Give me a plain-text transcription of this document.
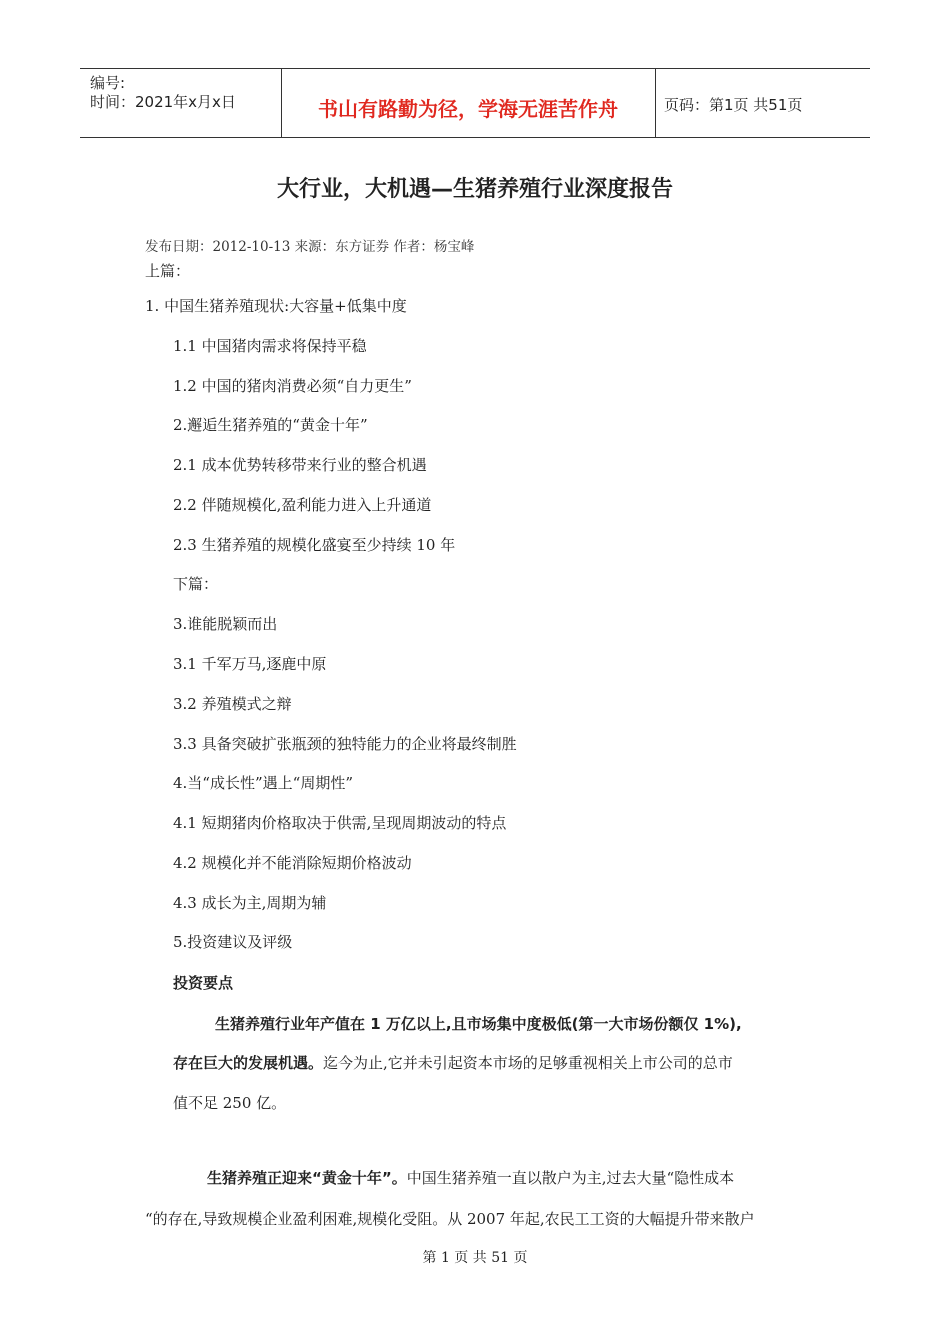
编号:
时间：2021年x月x日	书山有路勤为径，学海无涯苦作舟	页码：第1页 共51页
大行业，大机遇—生猪养殖行业深度报告
发布日期：2012-10-13 来源：东方证券 作者：杨宝峰
上篇：
1. 中国生猪养殖现状:大容量+低集中度
1.1 中国猪肉需求将保持平稳
1.2 中国的猪肉消费必须“自力更生”
2.邂逅生猪养殖的“黄金十年”
2.1 成本优势转移带来行业的整合机遇
2.2 伴随规模化,盈利能力进入上升通道
2.3 生猪养殖的规模化盛宴至少持续 10 年
下篇：
3.谁能脱颖而出
3.1 千军万马,逐鹿中原
3.2 养殖模式之辩
3.3 具备突破扩张瓶颈的独特能力的企业将最终制胜
4.当“成长性”遇上“周期性”
4.1 短期猪肉价格取决于供需,呈现周期波动的特点
4.2 规模化并不能消除短期价格波动
4.3 成长为主,周期为辅
5.投资建议及评级
投资要点
生猪养殖行业年产值在 1 万亿以上,且市场集中度极低(第一大市场份额仅 1%),
存在巨大的发展机遇。迄今为止,它并未引起资本市场的足够重视相关上市公司的总市
值不足 250 亿。
生猪养殖正迎来“黄金十年”。中国生猪养殖一直以散户为主,过去大量“隐性成本
“的存在,导致规模企业盈利困难,规模化受阻。从 2007 年起,农民工工资的大幅提升带来散户
第 1 页 共 51 页
